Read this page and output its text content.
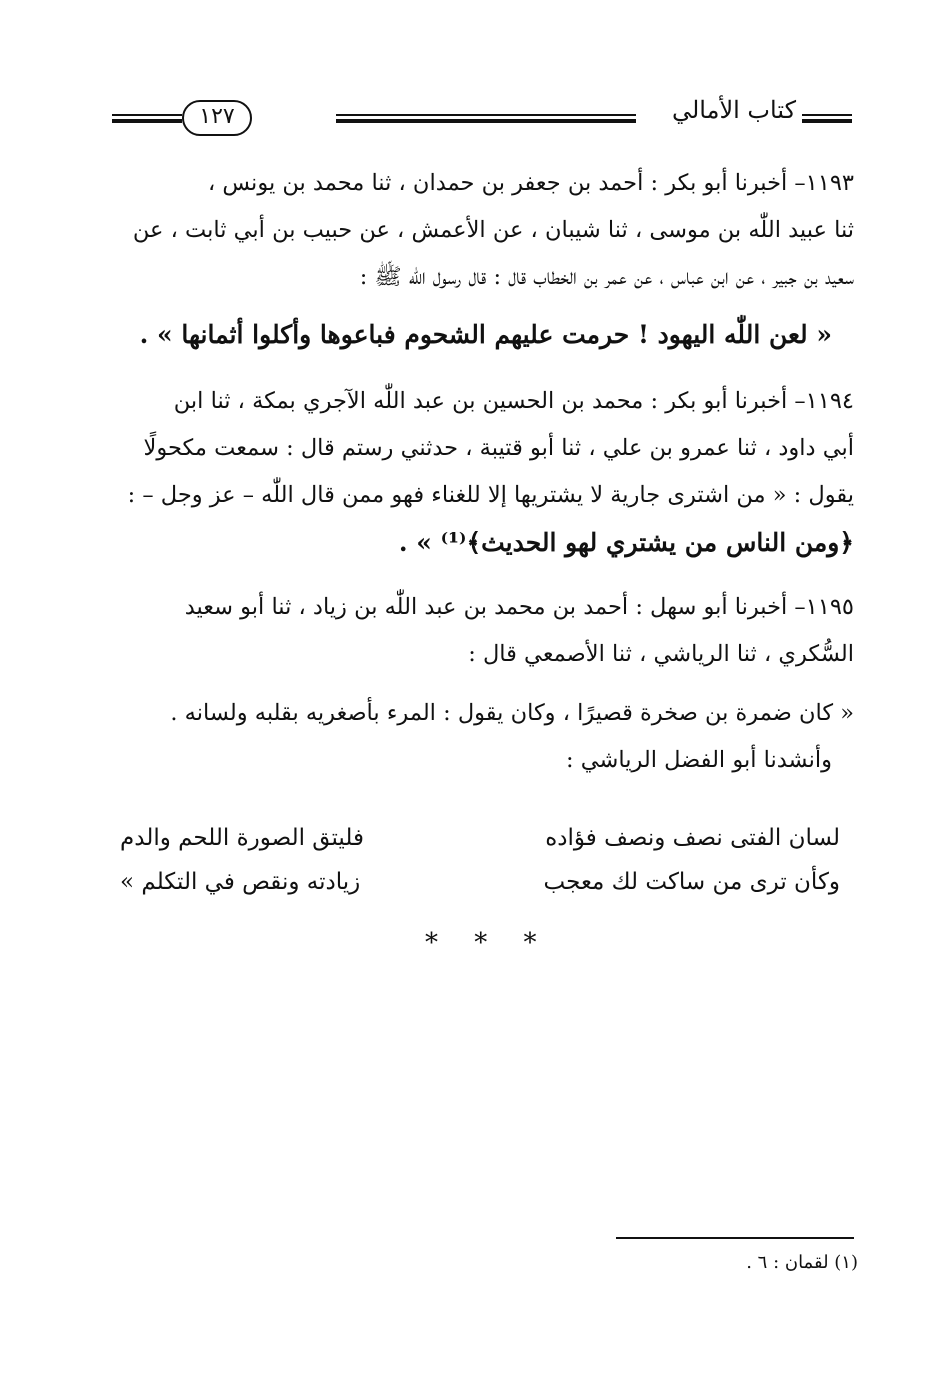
كتاب الأمالي
١٢٧
١١٩٣– أخبرنا أبو بكر : أحمد بن جعفر بن حمدان ، ثنا محمد بن يونس ،
ثنا عبيد اللّٰه بن موسى ، ثنا شيبان ، عن الأعمش ، عن حبيب بن أبي ثابت ، عن
سعيد بن جبير ، عن ابن عباس ، عن عمر بن الخطاب قال : قال رسول اللّٰه ﷺ :
« لعن اللّٰه اليهود ! حرمت عليهم الشحوم فباعوها وأكلوا أثمانها » .
١١٩٤– أخبرنا أبو بكر : محمد بن الحسين بن عبد اللّٰه الآجري بمكة ، ثنا ابن
أبي داود ، ثنا عمرو بن علي ، ثنا أبو قتيبة ، حدثني رستم قال : سمعت مكحولًا
يقول : « من اشترى جارية لا يشتريها إلا للغناء فهو ممن قال اللّٰه – عز وجل – :
﴿ومن الناس من يشتري لهو الحديث﴾⁽¹⁾ » .
١١٩٥– أخبرنا أبو سهل : أحمد بن محمد بن عبد اللّٰه بن زياد ، ثنا أبو سعيد
السُّكري ، ثنا الرياشي ، ثنا الأصمعي قال :
« كان ضمرة بن صخرة قصيرًا ، وكان يقول : المرء بأصغريه بقلبه ولسانه .
وأنشدنا أبو الفضل الرياشي :
لسان الفتى نصف ونصف فؤاده
فليتق الصورة اللحم والدم
وكأن ترى من ساكت لك معجب
زيادته ونقص في التكلم »
* * *
(١) لقمان : ٦ .
